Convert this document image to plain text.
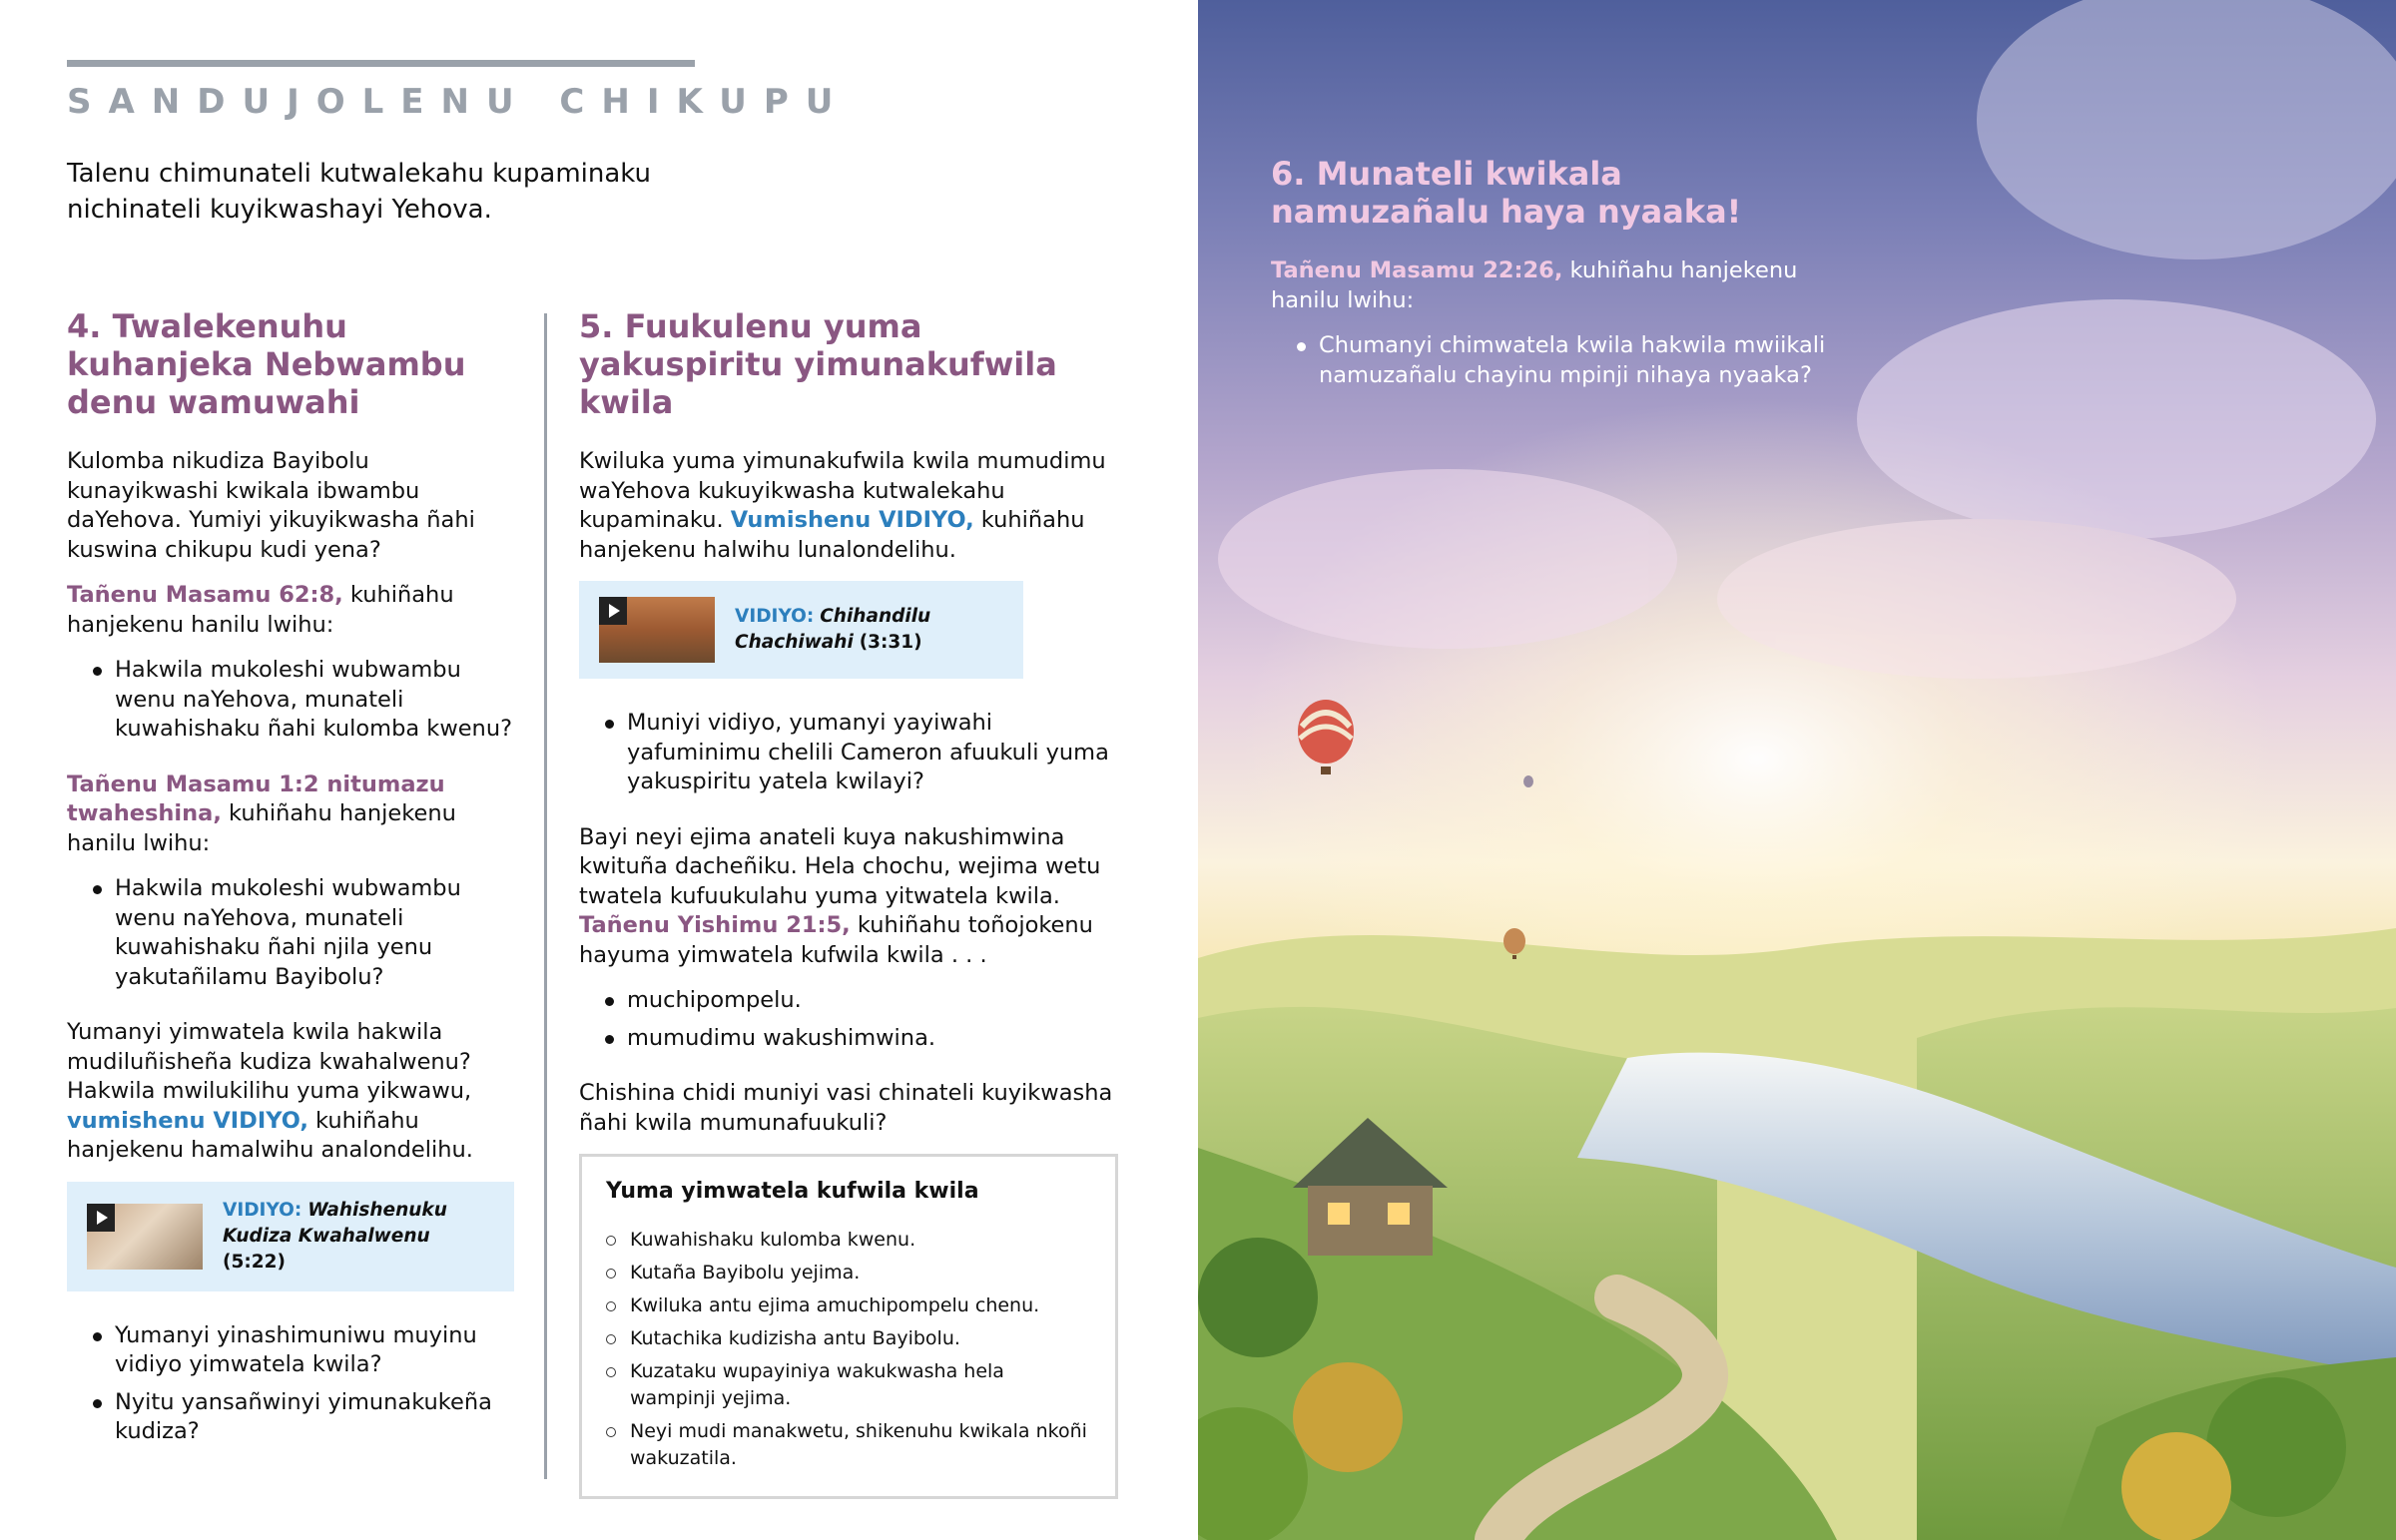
SANDUJOLENU CHIKUPU
Talenu chimunateli kutwalekahu kupaminaku nichinateli kuyikwashayi Yehova.
4. Twalekenuhu kuhanjeka Nebwambu denu wamuwahi

Kulomba nikudiza Bayibolu kunayikwashi kwikala ibwambu daYehova. Yumiyi yikuyikwasha ñahi kuswina chikupu kudi yena?

Tañenu Masamu 62:8, kuhiñahu hanjekenu hanilu lwihu:

Hakwila mukoleshi wubwambu wenu naYehova, munateli kuwahishaku ñahi kulomba kwenu?

Tañenu Masamu 1:2 nitumazu twaheshina, kuhiñahu hanjekenu hanilu lwihu:

Hakwila mukoleshi wubwambu wenu naYehova, munateli kuwahishaku ñahi njila yenu yakutañilamu Bayibolu?

Yumanyi yimwatela kwila hakwila mudiluñisheña kudiza kwahalwenu? Hakwila mwilukilihu yuma yikwawu, vumishenu VIDIYO, kuhiñahu hanjekenu hamalwihu analondelihu.

VIDIYO: Wahishenuku Kudiza Kwahalwenu (5:22)
Yumanyi yinashimuniwu muyinu vidiyo yimwatela kwila?
Nyitu yansañwinyi yimunakukeña kudiza?
5. Fuukulenu yuma yakuspiritu yimunakufwila kwila

Kwiluka yuma yimunakufwila kwila mumudimu waYehova kukuyikwasha kutwalekahu kupaminaku. Vumishenu VIDIYO, kuhiñahu hanjekenu halwihu lunalondelihu.

VIDIYO: Chihandilu Chachiwahi (3:31)
Muniyi vidiyo, yumanyi yayiwahi yafuminimu chelili Cameron afuukuli yuma yakuspiritu yatela kwilayi?

Bayi neyi ejima anateli kuya nakushimwina kwituña dacheñiku. Hela chochu, wejima wetu twatela kufuukulahu yuma yitwatela kwila. Tañenu Yishimu 21:5, kuhiñahu toñojokenu hayuma yimwatela kufwila kwila . . .

muchipompelu.
mumudimu wakushimwina.

Chishina chidi muniyi vasi chinateli kuyikwasha ñahi kwila mumunafuukuli?

Yuma yimwatela kufwila kwila
Kuwahishaku kulomba kwenu.
Kutaña Bayibolu yejima.
Kwiluka antu ejima amuchipompelu chenu.
Kutachika kudizisha antu Bayibolu.
Kuzataku wupayiniya wakukwasha hela wampinji yejima.
Neyi mudi manakwetu, shikenuhu kwikala nkoñi wakuzatila.
6. Munateli kwikala namuzañalu haya nyaaka!

Tañenu Masamu 22:26, kuhiñahu hanjekenu hanilu lwihu:

Chumanyi chimwatela kwila hakwila mwiikali namuzañalu chayinu mpinji nihaya nyaaka?
